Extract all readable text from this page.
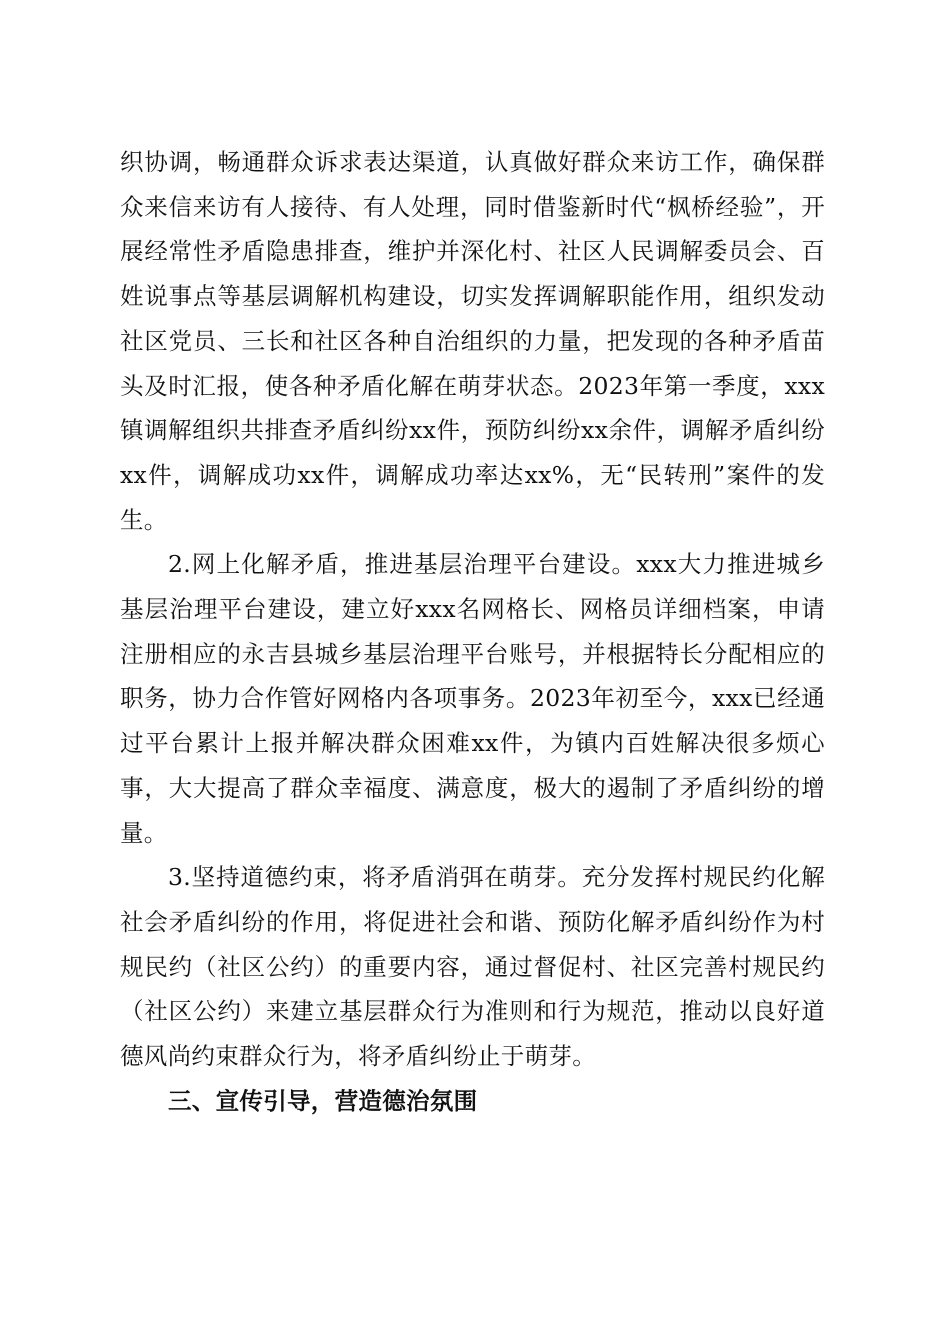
织协调，畅通群众诉求表达渠道，认真做好群众来访工作，确保群众来信来访有人接待、有人处理，同时借鉴新时代“枫桥经验”，开展经常性矛盾隐患排查，维护并深化村、社区人民调解委员会、百姓说事点等基层调解机构建设，切实发挥调解职能作用，组织发动社区党员、三长和社区各种自治组织的力量，把发现的各种矛盾苗头及时汇报，使各种矛盾化解在萌芽状态。2023年第一季度，xxx镇调解组织共排查矛盾纠纷xx件，预防纠纷xx余件，调解矛盾纠纷xx件，调解成功xx件，调解成功率达xx%，无“民转刑”案件的发生。

2.网上化解矛盾，推进基层治理平台建设。xxx大力推进城乡基层治理平台建设，建立好xxx名网格长、网格员详细档案，申请注册相应的永吉县城乡基层治理平台账号，并根据特长分配相应的职务，协力合作管好网格内各项事务。2023年初至今，xxx已经通过平台累计上报并解决群众困难xx件，为镇内百姓解决很多烦心事，大大提高了群众幸福度、满意度，极大的遏制了矛盾纠纷的增量。

3.坚持道德约束，将矛盾消弭在萌芽。充分发挥村规民约化解社会矛盾纠纷的作用，将促进社会和谐、预防化解矛盾纠纷作为村规民约（社区公约）的重要内容，通过督促村、社区完善村规民约（社区公约）来建立基层群众行为准则和行为规范，推动以良好道德风尚约束群众行为，将矛盾纠纷止于萌芽。

三、宣传引导，营造德治氛围
